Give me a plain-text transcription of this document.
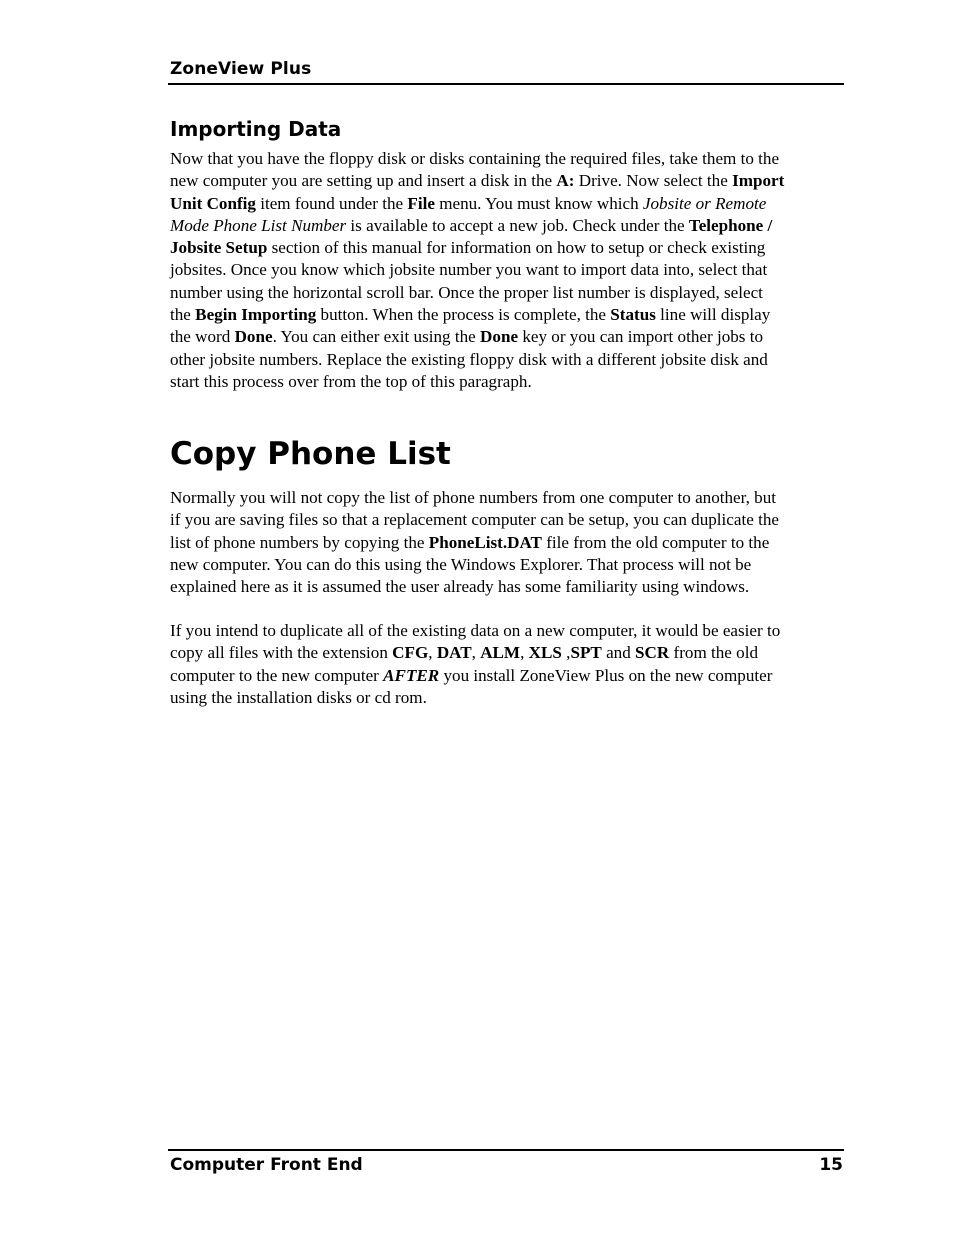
ZoneView Plus
Importing Data
Now that you have the floppy disk or disks containing the required files, take them to the
new computer you are setting up and insert a disk in the A: Drive. Now select the Import
Unit Config item found under the File menu. You must know which Jobsite or Remote
Mode Phone List Number is available to accept a new job. Check under the Telephone /
Jobsite Setup section of this manual for information on how to setup or check existing
jobsites. Once you know which jobsite number you want to import data into, select that
number using the horizontal scroll bar. Once the proper list number is displayed, select
the Begin Importing button. When the process is complete, the Status line will display
the word Done. You can either exit using the Done key or you can import other jobs to
other jobsite numbers. Replace the existing floppy disk with a different jobsite disk and
start this process over from the top of this paragraph.
Copy Phone List
Normally you will not copy the list of phone numbers from one computer to another, but
if you are saving files so that a replacement computer can be setup, you can duplicate the
list of phone numbers by copying the PhoneList.DAT file from the old computer to the
new computer. You can do this using the Windows Explorer. That process will not be
explained here as it is assumed the user already has some familiarity using windows.
If you intend to duplicate all of the existing data on a new computer, it would be easier to
copy all files with the extension CFG, DAT, ALM, XLS ,SPT and SCR from the old
computer to the new computer AFTER you install ZoneView Plus on the new computer
using the installation disks or cd rom.
Computer Front End	15
